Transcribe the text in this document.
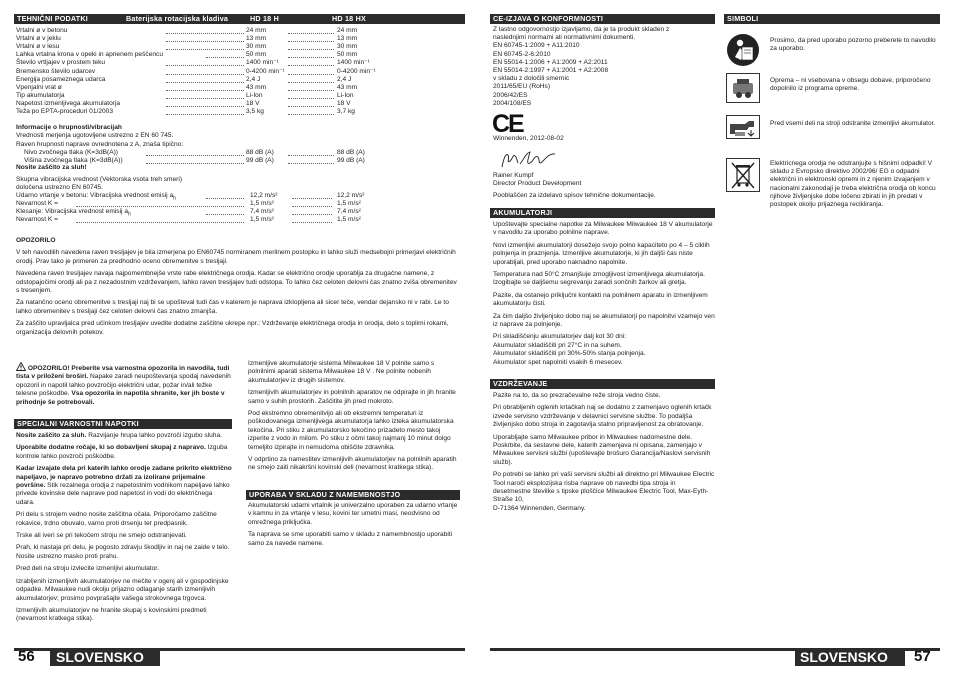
TEHNIČNI PODATKI	Baterijska rotacijska kladiva	HD 18 H	HD 18 HX
Vrtalni ø v betonu	24 mm	24 mm
Vrtalni ø v jeklu	13 mm	13 mm
Vrtalni ø v lesu	30 mm	30 mm
Lahka vrtalna krona v opeki in apnenem peščencu	50 mm	50 mm
Število vrtljajev v prostem teku	1400 min⁻¹	1400 min⁻¹
Bremensko število udarcev	0-4200 min⁻¹	0-4200 min⁻¹
Energija posameznega udarca	2,4 J	2,4 J
Vpenjalni vrat ø	43 mm	43 mm
Tip akumulatorja	Li-Ion	Li-Ion
Napetost izmenljivega akumulatorja	18 V	18 V
Teža po EPTA-proceduri 01/2003	3,5 kg	3,7 kg
Informacije o hrupnosti/vibracijah
Vrednosti merjenja ugotovljene ustrezno z EN 60 745.
Raven hrupnosti naprave ovrednotena z A, znaša tipično:
Nivo zvočnega tlaka (K=3dB(A))	88 dB (A)	88 dB (A)
Višina zvočnega tlaka (K=3dB(A))	99 dB (A)	99 dB (A)
Nosite zaščito za sluh!
Skupna vibracijska vrednost (Vektorska vsota treh smeri)
določena ustrezno EN 60745.
Udarno vrtanje v betonu: Vibracijska vrednost emisij $a_h$	12,2 m/s²	12,2 m/s²
Nevarnost K =	1,5 m/s²	1,5 m/s²
Klesanje: Vibracijska vrednost emisij $a_h$	7,4 m/s²	7,4 m/s²
Nevarnost K =	1,5 m/s²	1,5 m/s²
OPOZORILO

V teh navodilih navedena raven tresljajev je bila izmerjena po EN60745 normiranem merilnem postopku in lahko služi medsebojni primerjavi električnih orodij. Prav tako je primeren za predhodno oceno obremenitve s tresljaji.

Navedena raven tresljajev navaja najpomembnejše vrste rabe električnega orodja. Kadar se električno orodje uporablja za drugačne namene, z odstopajočimi orodji ali pa z nezadostnim vzdrževanjem, lahko raven tresljajev tudi odstopa. To lahko čez celoten delovni čas znatno zviša obremenitev s tresenjem.

Za natančno oceno obremenitve s tresljaji naj bi se upošteval tudi čas v katerem je naprava izklopljena ali sicer teče, vendar dejansko ni v rabi. Le to lahko obremenitev s tresljaji čez celoten delovni čas znatno zmanjša.

Za zaščito upravljalca pred učinkom tresljajev uvedite dodatne zaščitne ukrepe npr.: Vzdrževanje električnega orodja in orodja, delo s toplimi rokami, organizacija delovnih potekov.

OPOZORILO! Preberite vsa varnostna opozorila in navodila, tudi tista v priloženi broširi. Napake zaradi neupoštevanja spodaj navedenih opozoril in napotil lahko povzročijo električni udar, požar in/ali težke telesne poškodbe. Vsa opozorila in napotila shranite, ker jih boste v prihodnje še potrebovali.
SPECIALNI VARNOSTNI NAPOTKI

Nosite zaščito za sluh. Razvijanje hrupa lahko povzroči izgubo sluha.

Uporabite dodatne ročaje, ki so dobavljeni skupaj z napravo. Izguba kontrole lahko povzroči poškodbe.

Kadar izvajate dela pri katerih lahko orodje zadane prikrito električno napeljavo, je napravo potrebno držati za izolirane prijemalne površine. Stik rezalnega orodja z napetostnim vodnikom napeljave lahko privede kovinske dele naprave pod napetost in vodi do električnega udara.

Pri delu s strojem vedno nosite zaščitna očala. Priporočamo zaščitne rokavice, trdno obuvalo, varno proti drsenju ter predpasnik.

Trske ali iveri se pri tekočem stroju ne smejo odstranjevati.

Prah, ki nastaja pri delu, je pogosto zdravju škodljiv in naj ne zaide v telo. Nosite ustrezno masko proti prahu.

Pred deli na stroju izvlecite izmenljivi akumulator.

Izrabljenih izmenljivih akumulatorjev ne mečite v ogenj ali v gospodinjske odpadke. Milwaukee nudi okolju prijazno odlaganje starih izmenljivih akumulatorjev; prosimo povprašajte vašega strokovnega trgovca.

Izmenljivih akumulatorjev ne hranite skupaj s kovinskimi predmeti (nevarnost kratkega stika).

Izmenljive akumulatorje sistema Milwaukee 18 V polnite samo s polnilnimi aparati sistema Milwaukee 18 V . Ne polnite nobenih akumulatorjev iz drugih sistemov.

Izmenljivih akumulatorjev in polnilnih aparatov ne odpirajte in jih hranite samo v suhih prostorih. Zaščitite jih pred mokroto.

Pod ekstremno obremenitvijo ali ob ekstremni temperaturi iz poškodovanega izmenljivega akumulatorja lahko izteka akumulatorska tekočina. Pri stiku z akumulatorsko tekočino prizadeto mesto takoj izperite z vodo in milom. Po stiku z očmi takoj najmanj 10 minut dolgo temeljito izpirajte in nemudoma obiščite zdravnika.

V odprtino za namestitev izmenljivih akumulatorjev na polnilnih aparatih ne smejo zaiti nikakršni kovinski deli (nevarnost kratkega stika).

UPORABA V SKLADU Z NAMEMBNOSTJO

Akumulatorski udarni vrtalnik je univerzalno uporaben za udarno vrtanje v kamnu in za vrtanje v lesu, kovini ter umetni masi, neodvisno od omrežnega priključka.

Ta naprava se sme uporabiti samo v skladu z namembnostjo uporabiti samo za navede namene.

56 SLOVENSKO
CE-IZJAVA O KONFORMNOSTI
Z lastno odgovornostjo izjavljamo, da je ta produkt skladen z
naslednjimi normami ali normativnimi dokumenti.
EN 60745-1:2009 + A11:2010
EN 60745-2-6:2010
EN 55014-1:2006 + A1:2009 + A2:2011
EN 55014-2:1997 + A1:2001 + A2:2008
v skladu z določili smernic
2011/65/EU (RoHs)
2006/42/ES
2004/108/ES
CE
Winnenden, 2012-08-02
Rainer Kumpf
Director Product Development
Pooblaščen za izdelavo spisov tehnične dokumentacije.
AKUMULATORJI

Upoštevajte specialne napotke za Milwaukee Milwaukee 18 V akumulatorje v navodilu za uporabo polnilne naprave.

Novi izmenljivi akumulatorji dosežejo svojo polno kapaciteto po 4 – 5 ciklih polnjenja in praznjenja. Izmenljive akumulatorje, ki jih daljši čas niste uporabljali, pred uporabo naknadno napolnite.

Temperatura nad 50°C zmanjšuje zmogljivost izmenljivega akumulatorja. Izogibajte se daljšemu segrevanju zaradi sončnih žarkov ali gretja.

Pazite, da ostanejo priključni kontakti na polnilnem aparatu in izmenljivem akumulatorju čisti.

Za čim daljšo življenjsko dobo naj se akumulatorji po napolnitvi vzamejo ven iz naprave za polnjenje.

Pri skladiščenju akumulatorjev dalj kot 30 dni:
Akumulator skladiščiti pri 27°C in na suhem.
Akumulator skladiščiti pri 30%-50% stanja polnjenja.
Akumulator spet napolniti vsakih 6 mesecev.

VZDRŽEVANJE

Pazite na to, da so prezračevalne reže stroja vedno čiste.

Pri obrabljenih oglenih krtačkah naj se dodatno z zamenjavo oglenih krtačk izvede servisno vzdrževanje v delavnici servisne službe. To podaljša življenjsko dobo stroja in zagotavlja stalno pripravljenost za obratovanje.

Uporabljajte samo Milwaukee pribor in Milwaukee nadomestne dele. Poskrbite, da sestavne dele, katerih zamenjava ni opisana, zamenjajo v Milwaukee servisni službi (upoštevajte brošuro Garancija/Naslovi servisnih služb).

Po potrebi se lahko pri vaši servisni službi ali direktno pri Milwaukee Electric Tool naroči eksplozijska risba naprave ob navedbi tipa stroja in desetmestne številke s tipske ploščice Milwaukee Electric Tool, Max-Eyth-Straße 10,
D-71364 Winnenden, Germany.

SIMBOLI
Prosimo, da pred uporabo pozorno preberete to navodilo za uporabo.
Oprema – ni vsebovana v obsegu dobave, priporočeno dopolnilo iz programa opreme.
Pred vsemi deli na stroji odstranite izmenljivi akumulator.
Elektricnega orodja ne odstranjujte s hišnimi odpadki! V skladu z Evropsko direktivo 2002/96/ EG o odpadni električni in elektronski opremi in z njenim izvajanjem v nacionalni zakonodaji je treba električna orodja ob koncu njihove življenjske dobe ločeno zbirati in jih predati v postopek okolju prijaznega recikliranja.
SLOVENSKO 57
